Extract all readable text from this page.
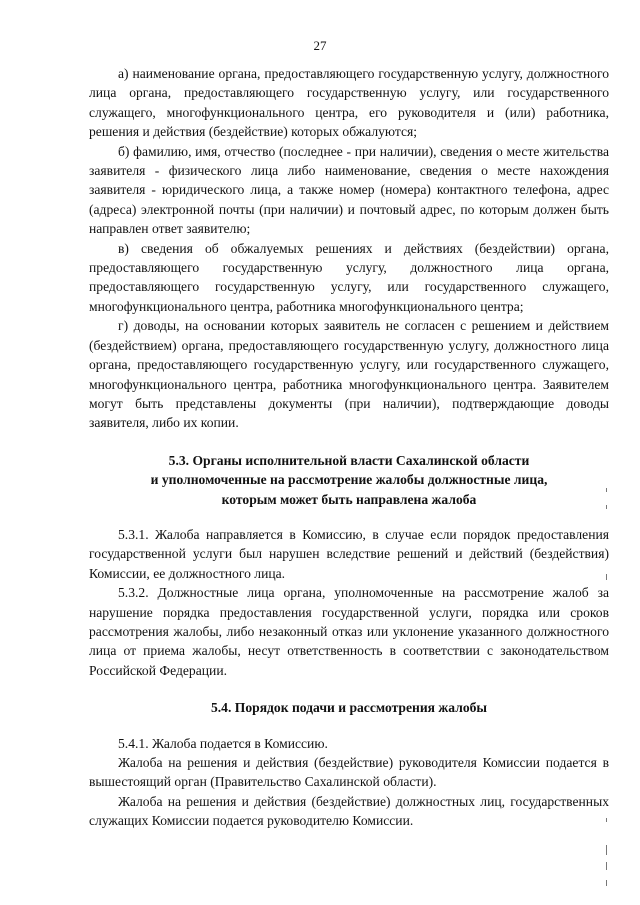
27

а) наименование органа, предоставляющего государственную услугу, должностного лица органа, предоставляющего государственную услугу, или государственного служащего, многофункционального центра, его руководителя и (или) работника, решения и действия (бездействие) которых обжалуются;

б) фамилию, имя, отчество (последнее - при наличии), сведения о месте жительства заявителя - физического лица либо наименование, сведения о месте нахождения заявителя - юридического лица, а также номер (номера) контактного телефона, адрес (адреса) электронной почты (при наличии) и почтовый адрес, по которым должен быть направлен ответ заявителю;

в) сведения об обжалуемых решениях и действиях (бездействии) органа, предоставляющего государственную услугу, должностного лица органа, предоставляющего государственную услугу, или государственного служащего, многофункционального центра, работника многофункционального центра;

г) доводы, на основании которых заявитель не согласен с решением и действием (бездействием) органа, предоставляющего государственную услугу, должностного лица органа, предоставляющего государственную услугу, или государственного служащего, многофункционального центра, работника многофункционального центра. Заявителем могут быть представлены документы (при наличии), подтверждающие доводы заявителя, либо их копии.

5.3. Органы исполнительной власти Сахалинской области

и уполномоченные на рассмотрение жалобы должностные лица,

которым может быть направлена жалоба

5.3.1. Жалоба направляется в Комиссию, в случае если порядок предоставления государственной услуги был нарушен вследствие решений и действий (бездействия) Комиссии, ее должностного лица.

5.3.2. Должностные лица органа, уполномоченные на рассмотрение жалоб за нарушение порядка предоставления государственной услуги, порядка или сроков рассмотрения жалобы, либо незаконный отказ или уклонение указанного должностного лица от приема жалобы, несут ответственность в соответствии с законодательством Российской Федерации.

5.4. Порядок подачи и рассмотрения жалобы

5.4.1. Жалоба подается в Комиссию.

Жалоба на решения и действия (бездействие) руководителя Комиссии подается в вышестоящий орган (Правительство Сахалинской области).

Жалоба на решения и действия (бездействие) должностных лиц, государственных служащих Комиссии подается руководителю Комиссии.
